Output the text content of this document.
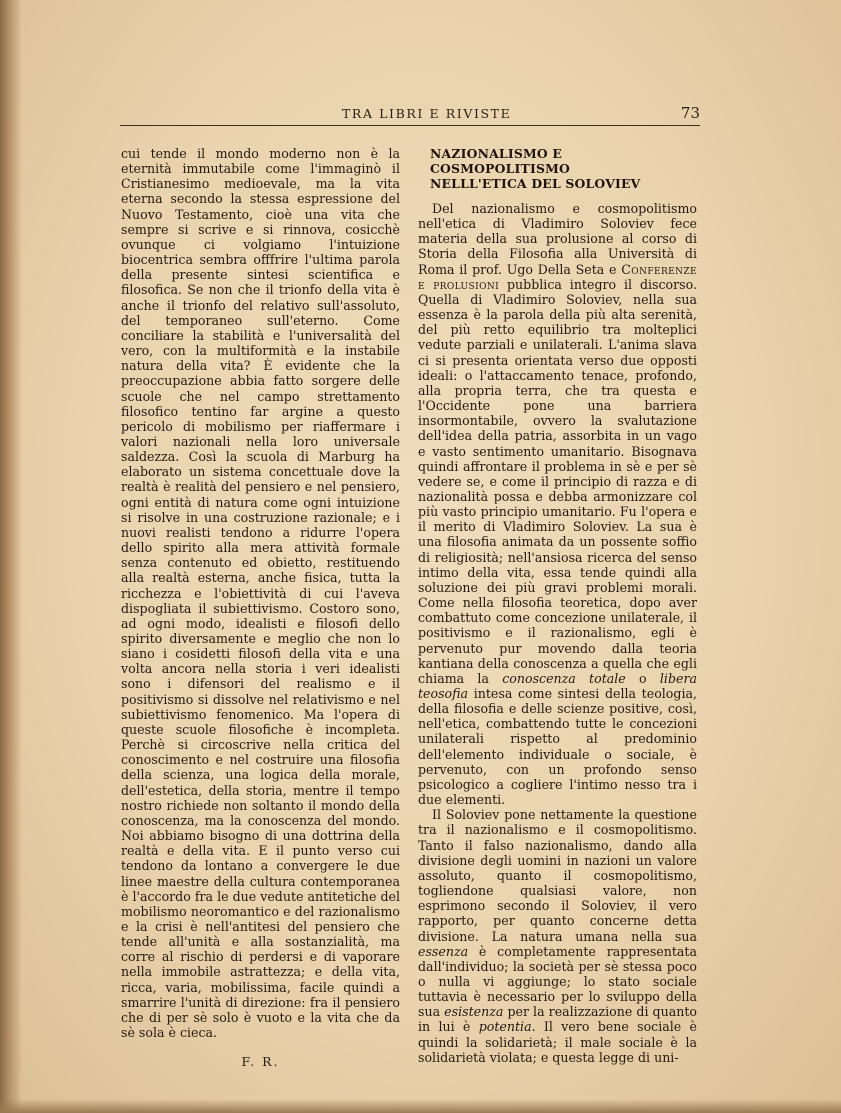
TRA LIBRI E RIVISTE	73

cui tende il mondo moderno non è la eternità immutabile come l'immaginò il Cristianesimo medioevale, ma la vita eterna secondo la stessa espressione del Nuovo Testamento, cioè una vita che sempre si scrive e si rinnova, cosicchè ovunque ci volgiamo l'intuizione biocentrica sembra offfrire l'ultima parola della presente sintesi scientifica e filosofica. Se non che il trionfo della vita è anche il trionfo del relativo sull'assoluto, del temporaneo sull'eterno. Come conciliare la stabilità e l'universalità del vero, con la multiformità e la instabile natura della vita? È evidente che la preoccupazione abbia fatto sorgere delle scuole che nel campo strettamento filosofico tentino far argine a questo pericolo di mobilismo per riaffermare i valori nazionali nella loro universale saldezza. Così la scuola di Marburg ha elaborato un sistema concettuale dove la realtà è realità del pensiero e nel pensiero, ogni entità di natura come ogni intuizione si risolve in una costruzione razionale; e i nuovi realisti tendono a ridurre l'opera dello spirito alla mera attività formale senza contenuto ed obietto, restituendo alla realtà esterna, anche fisica, tutta la ricchezza e l'obiettività di cui l'aveva dispogliata il subiettivismo. Costoro sono, ad ogni modo, idealisti e filosofi dello spirito diversamente e meglio che non lo siano i cosidetti filosofi della vita e una volta ancora nella storia i veri idealisti sono i difensori del realismo e il positivismo si dissolve nel relativismo e nel subiettivismo fenomenico. Ma l'opera di queste scuole filosofiche è incompleta. Perchè si circoscrive nella critica del conoscimento e nel costruire una filosofia della scienza, una logica della morale, dell'estetica, della storia, mentre il tempo nostro richiede non soltanto il mondo della conoscenza, ma la conoscenza del mondo. Noi abbiamo bisogno di una dottrina della realtà e della vita. E il punto verso cui tendono da lontano a convergere le due linee maestre della cultura contemporanea è l'accordo fra le due vedute antitetiche del mobilismo neoromantico e del razionalismo e la crisi è nell'antitesi del pensiero che tende all'unità e alla sostanzialità, ma corre al rischio di perdersi e di vaporare nella immobile astrattezza; e della vita, ricca, varia, mobilissima, facile quindi a smarrire l'unità di direzione: fra il pensiero che di per sè solo è vuoto e la vita che da sè sola è cieca.

F. R.
NAZIONALISMO E COSMOPOLITISMO
NELLL'ETICA DEL SOLOVIEV

Del nazionalismo e cosmopolitismo nell'etica di Vladimiro Soloviev fece materia della sua prolusione al corso di Storia della Filosofia alla Università di Roma il prof. Ugo Della Seta e Conferenze e prolusioni pubblica integro il discorso. Quella di Vladimiro Soloviev, nella sua essenza è la parola della più alta serenità, del più retto equilibrio tra molteplici vedute parziali e unilaterali. L'anima slava ci si presenta orientata verso due opposti ideali: o l'attaccamento tenace, profondo, alla propria terra, che tra questa e l'Occidente pone una barriera insormontabile, ovvero la svalutazione dell'idea della patria, assorbita in un vago e vasto sentimento umanitario. Bisognava quindi affrontare il problema in sè e per sè vedere se, e come il principio di razza e di nazionalità possa e debba armonizzare col più vasto principio umanitario. Fu l'opera e il merito di Vladimiro Soloviev. La sua è una filosofia animata da un possente soffio di religiosità; nell'ansiosa ricerca del senso intimo della vita, essa tende quindi alla soluzione dei più gravi problemi morali. Come nella filosofia teoretica, dopo aver combattuto come concezione unilaterale, il positivismo e il razionalismo, egli è pervenuto pur movendo dalla teoria kantiana della conoscenza a quella che egli chiama la conoscenza totale o libera teosofia intesa come sintesi della teologia, della filosofia e delle scienze positive, così, nell'etica, combattendo tutte le concezioni unilaterali rispetto al predominio dell'elemento individuale o sociale, è pervenuto, con un profondo senso psicologico a cogliere l'intimo nesso tra i due elementi.

Il Soloviev pone nettamente la questione tra il nazionalismo e il cosmopolitismo. Tanto il falso nazionalismo, dando alla divisione degli uomini in nazioni un valore assoluto, quanto il cosmopolitismo, togliendone qualsiasi valore, non esprimono secondo il Soloviev, il vero rapporto, per quanto concerne detta divisione. La natura umana nella sua essenza è completamente rappresentata dall'individuo; la società per sè stessa poco o nulla vi aggiunge; lo stato sociale tuttavia è necessario per lo sviluppo della sua esistenza per la realizzazione di quanto in lui è potentia. Il vero bene sociale è quindi la solidarietà; il male sociale è la solidarietà violata; e questa legge di uni-
